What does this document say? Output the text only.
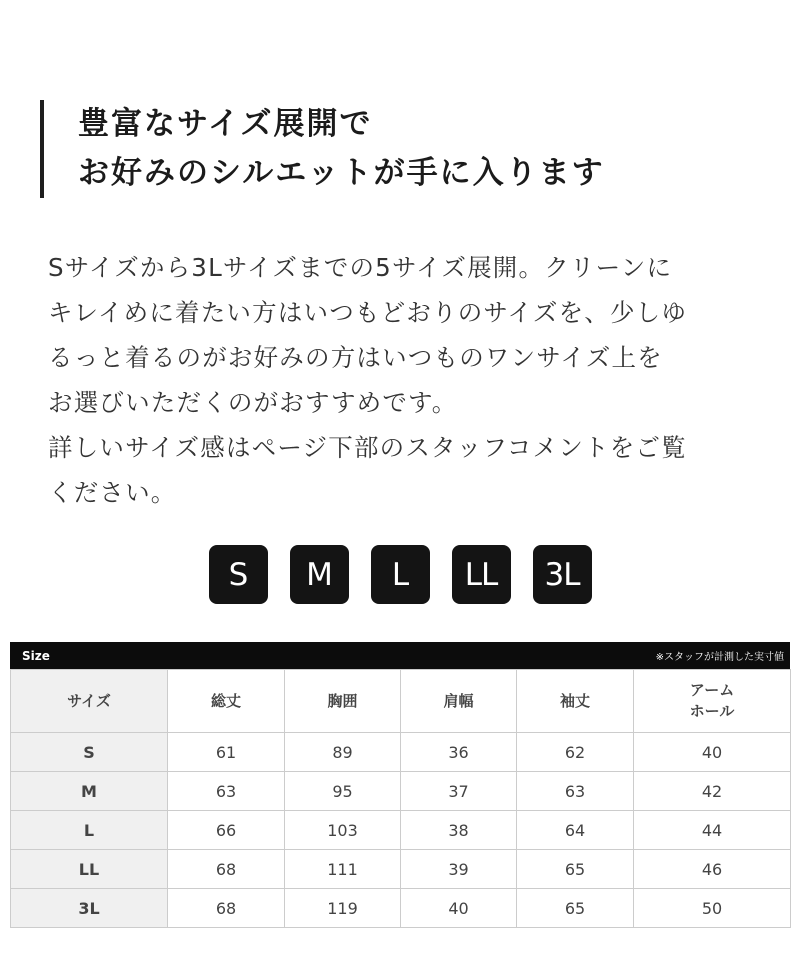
豊富なサイズ展開で
お好みのシルエットが手に入ります
Sサイズから3Lサイズまでの5サイズ展開。クリーンに
キレイめに着たい方はいつもどおりのサイズを、少しゆ
るっと着るのがお好みの方はいつものワンサイズ上を
お選びいただくのがおすすめです。
詳しいサイズ感はページ下部のスタッフコメントをご覧
ください。
S	M	L	LL	3L
Size	※スタッフが計測した実寸値
サイズ	総丈	胸囲	肩幅	袖丈	アーム
ホール

S	61	89	36	62	40
M	63	95	37	63	42
L	66	103	38	64	44
LL	68	111	39	65	46
3L	68	119	40	65	50
